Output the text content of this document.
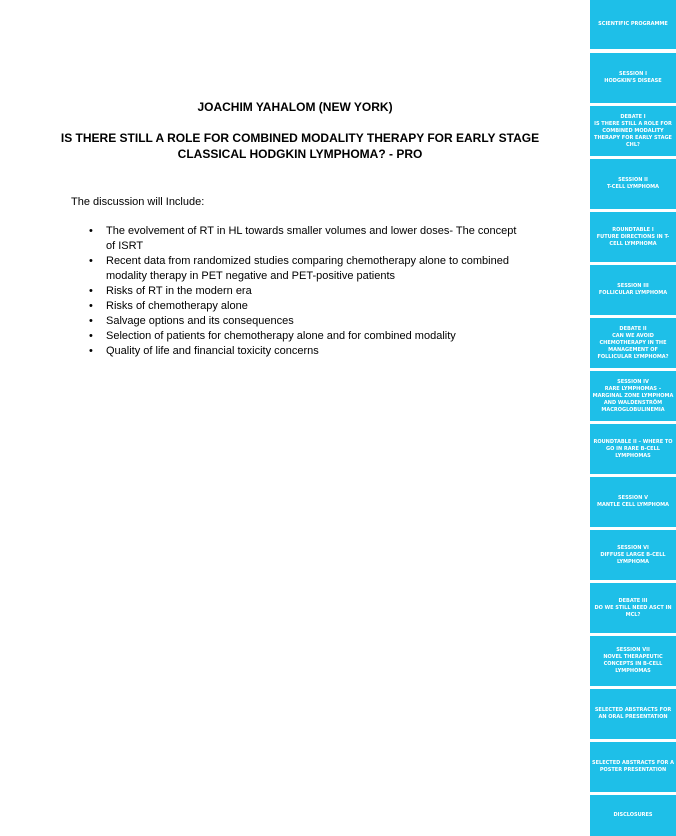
JOACHIM YAHALOM (NEW YORK)
IS THERE STILL A ROLE FOR COMBINED MODALITY THERAPY FOR EARLY STAGE CLASSICAL HODGKIN LYMPHOMA? - PRO
The discussion will Include:
• The evolvement of RT in HL towards smaller volumes and lower doses- The concept of ISRT
• Recent data from randomized studies comparing chemotherapy alone to combined modality therapy in PET negative and PET-positive patients
• Risks of RT in the modern era
• Risks of chemotherapy alone
• Salvage options and its consequences
• Selection of patients for chemotherapy alone and for combined modality
• Quality of life and financial toxicity concerns
SCIENTIFIC PROGRAMME
SESSION I
HODGKIN'S DISEASE
DEBATE I
IS THERE STILL A ROLE FOR COMBINED MODALITY THERAPY FOR EARLY STAGE CHL?
SESSION II
T-CELL LYMPHOMA
ROUNDTABLE I
FUTURE DIRECTIONS IN T-CELL LYMPHOMA
SESSION III
FOLLICULAR LYMPHOMA
DEBATE II
CAN WE AVOID CHEMOTHERAPY IN THE MANAGEMENT OF FOLLICULAR LYMPHOMA?
SESSION IV
RARE LYMPHOMAS – MARGINAL ZONE LYMPHOMA AND WALDENSTRÖM MACROGLOBULINEMIA
ROUNDTABLE II – WHERE TO GO IN RARE B-CELL LYMPHOMAS
SESSION V
MANTLE CELL LYMPHOMA
SESSION VI
DIFFUSE LARGE B-CELL LYMPHOMA
DEBATE III
DO WE STILL NEED ASCT IN MCL?
SESSION VII
NOVEL THERAPEUTIC CONCEPTS IN B-CELL LYMPHOMAS
SELECTED ABSTRACTS FOR AN ORAL PRESENTATION
SELECTED ABSTRACTS FOR A POSTER PRESENTATION
DISCLOSURES
